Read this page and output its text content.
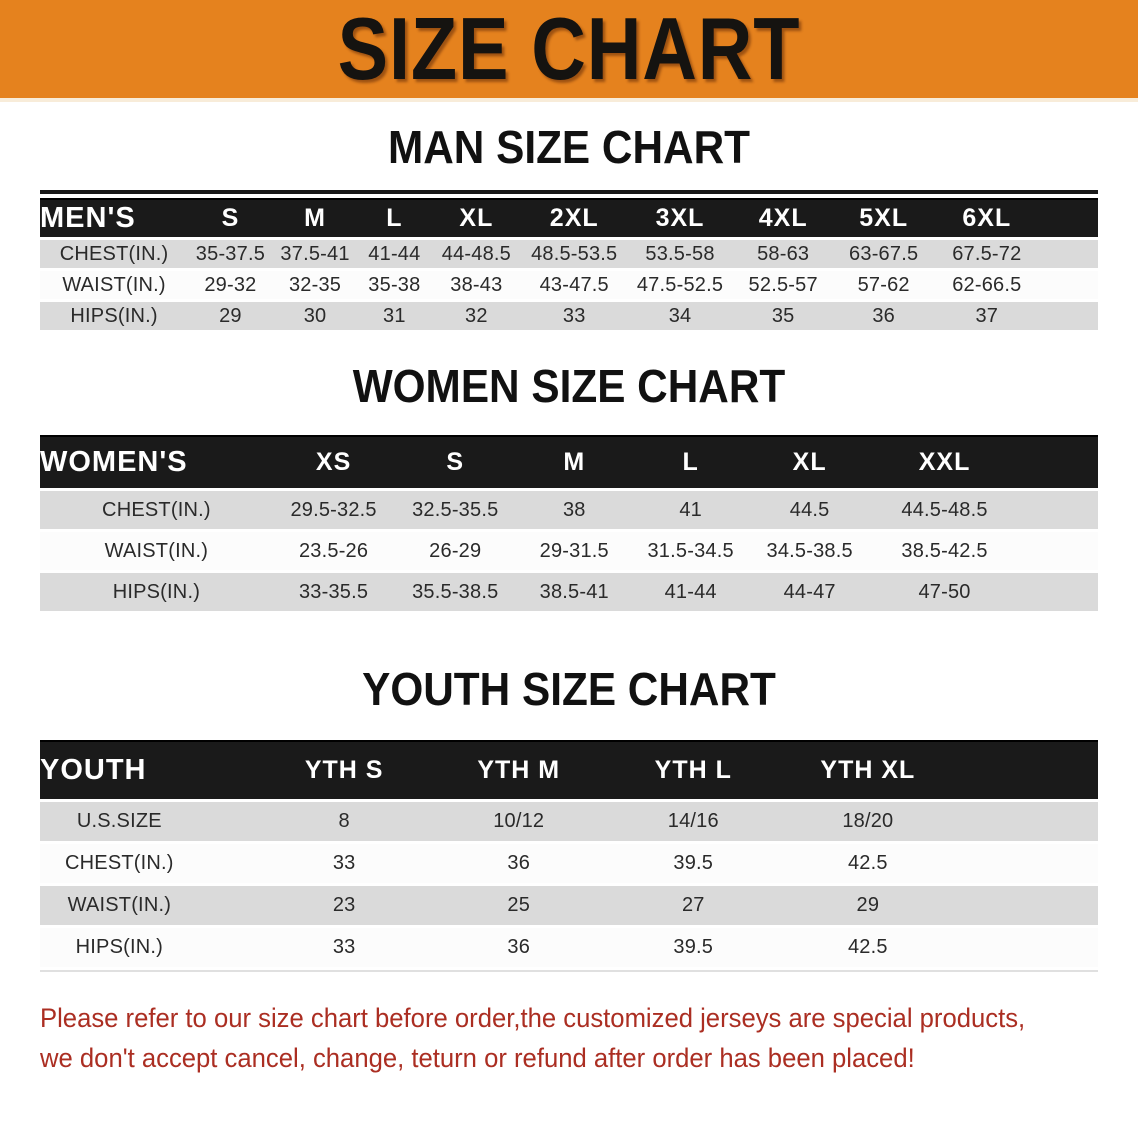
SIZE CHART
MAN SIZE CHART
MEN'S	S	M	L	XL	2XL	3XL	4XL	5XL	6XL	
CHEST(IN.)	35-37.5	37.5-41	41-44	44-48.5	48.5-53.5	53.5-58	58-63	63-67.5	67.5-72	
WAIST(IN.)	29-32	32-35	35-38	38-43	43-47.5	47.5-52.5	52.5-57	57-62	62-66.5	
HIPS(IN.)	29	30	31	32	33	34	35	36	37	
WOMEN SIZE CHART
WOMEN'S	XS	S	M	L	XL	XXL	
CHEST(IN.)	29.5-32.5	32.5-35.5	38	41	44.5	44.5-48.5	
WAIST(IN.)	23.5-26	26-29	29-31.5	31.5-34.5	34.5-38.5	38.5-42.5	
HIPS(IN.)	33-35.5	35.5-38.5	38.5-41	41-44	44-47	47-50	
YOUTH SIZE CHART
YOUTH		YTH S	YTH M	YTH L	YTH XL	
U.S.SIZE		8	10/12	14/16	18/20	
CHEST(IN.)		33	36	39.5	42.5	
WAIST(IN.)		23	25	27	29	
HIPS(IN.)		33	36	39.5	42.5	
Please refer to our size chart before order,the customized jerseys are special products,
we don't accept cancel, change, teturn or refund after order has been placed!
